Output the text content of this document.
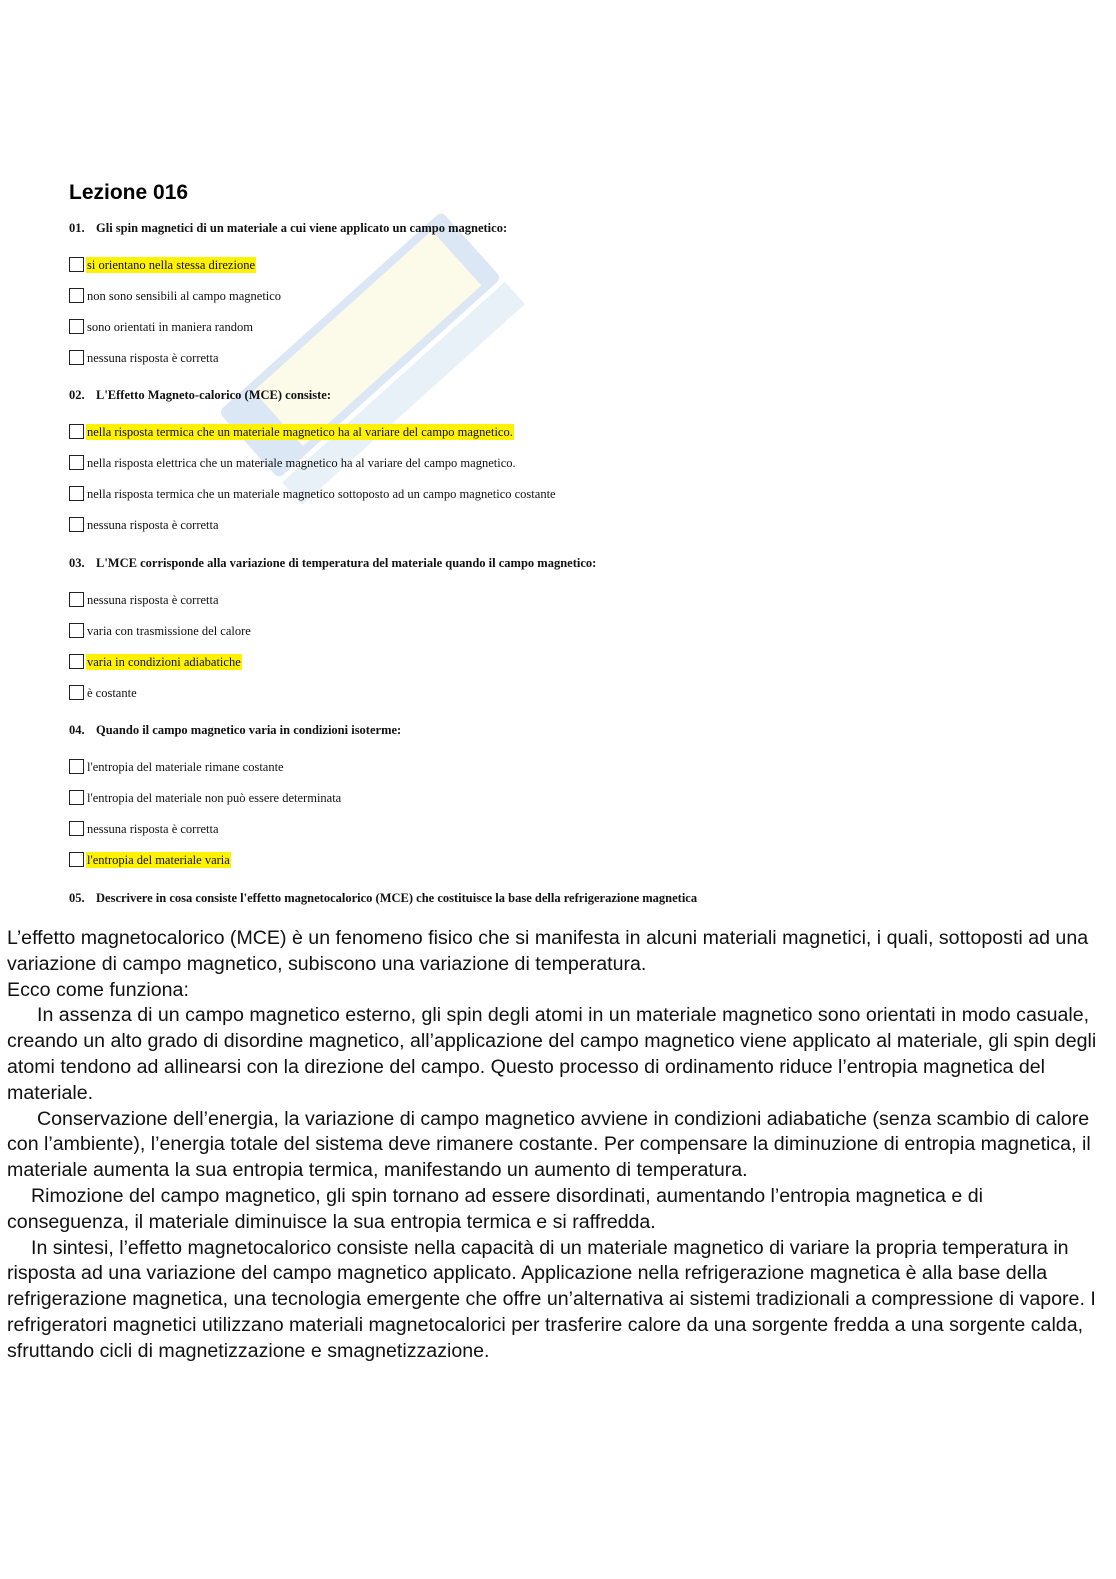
Lezione 016

01. Gli spin magnetici di un materiale a cui viene applicato un campo magnetico:

si orientano nella stessa direzione
non sono sensibili al campo magnetico
sono orientati in maniera random
nessuna risposta è corretta

02. L'Effetto Magneto-calorico (MCE) consiste:

nella risposta termica che un materiale magnetico ha al variare del campo magnetico.
nella risposta elettrica che un materiale magnetico ha al variare del campo magnetico.
nella risposta termica che un materiale magnetico sottoposto ad un campo magnetico costante
nessuna risposta è corretta

03. L'MCE corrisponde alla variazione di temperatura del materiale quando il campo magnetico:

nessuna risposta è corretta
varia con trasmissione del calore
varia in condizioni adiabatiche
è costante

04. Quando il campo magnetico varia in condizioni isoterme:

l'entropia del materiale rimane costante
l'entropia del materiale non può essere determinata
nessuna risposta è corretta
l'entropia del materiale varia

05. Descrivere in cosa consiste l'effetto magnetocalorico (MCE) che costituisce la base della refrigerazione magnetica

L’effetto magnetocalorico (MCE) è un fenomeno fisico che si manifesta in alcuni materiali magnetici, i quali, sottoposti ad una variazione di campo magnetico, subiscono una variazione di temperatura.

Ecco come funziona:

In assenza di un campo magnetico esterno, gli spin degli atomi in un materiale magnetico sono orientati in modo casuale, creando un alto grado di disordine magnetico, all’applicazione del campo magnetico viene applicato al materiale, gli spin degli atomi tendono ad allinearsi con la direzione del campo. Questo processo di ordinamento riduce l’entropia magnetica del materiale.

Conservazione dell’energia, la variazione di campo magnetico avviene in condizioni adiabatiche (senza scambio di calore con l’ambiente), l’energia totale del sistema deve rimanere costante. Per compensare la diminuzione di entropia magnetica, il materiale aumenta la sua entropia termica, manifestando un aumento di temperatura.

Rimozione del campo magnetico, gli spin tornano ad essere disordinati, aumentando l’entropia magnetica e di conseguenza, il materiale diminuisce la sua entropia termica e si raffredda.

In sintesi, l’effetto magnetocalorico consiste nella capacità di un materiale magnetico di variare la propria temperatura in risposta ad una variazione del campo magnetico applicato. Applicazione nella refrigerazione magnetica è alla base della refrigerazione magnetica, una tecnologia emergente che offre un’alternativa ai sistemi tradizionali a compressione di vapore. I refrigeratori magnetici utilizzano materiali magnetocalorici per trasferire calore da una sorgente fredda a una sorgente calda, sfruttando cicli di magnetizzazione e smagnetizzazione.
